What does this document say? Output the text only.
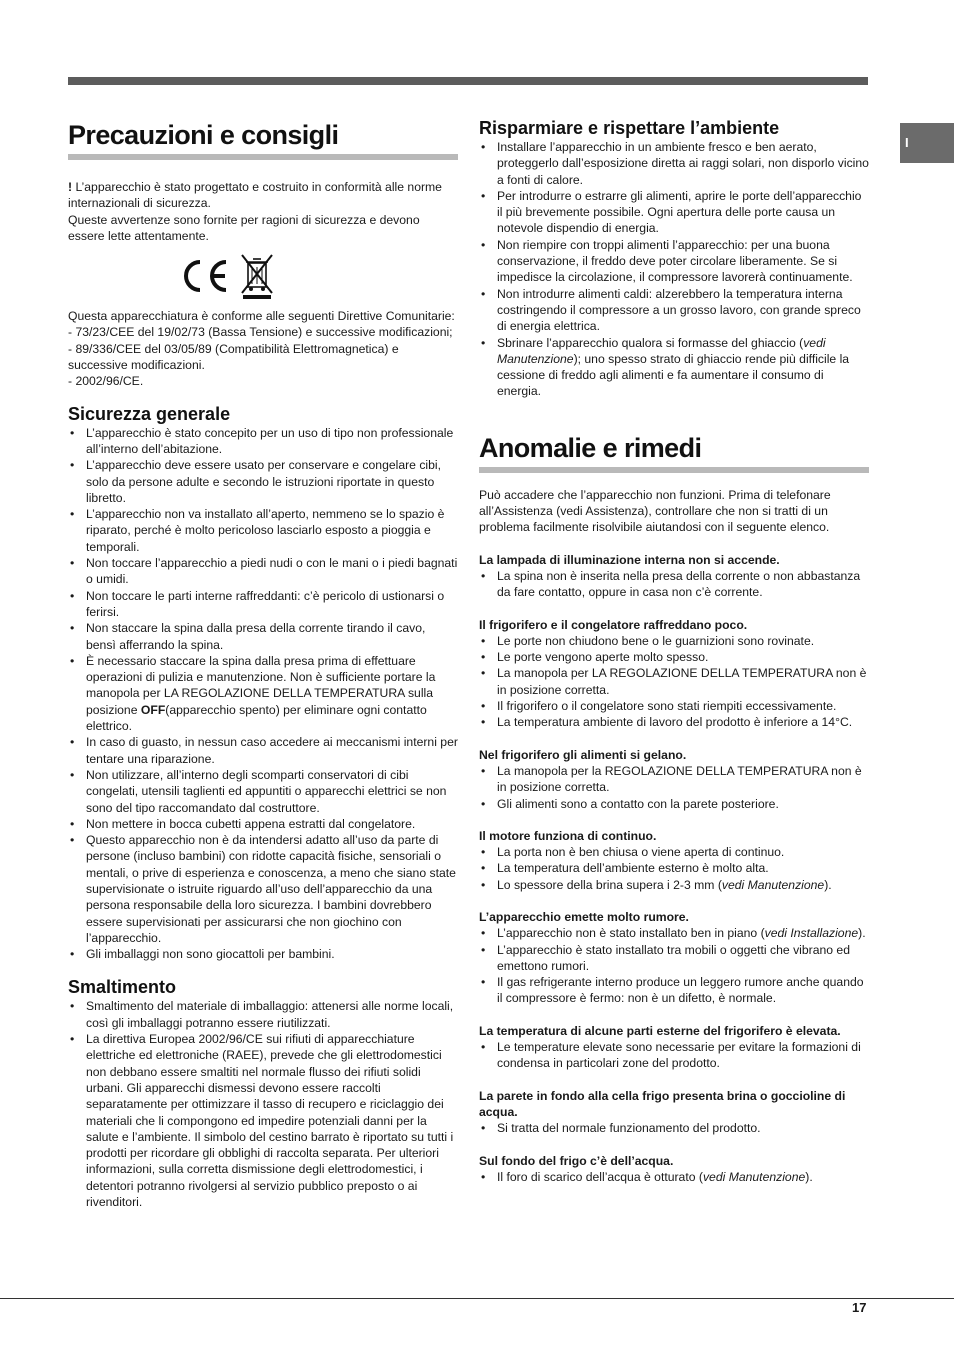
I
Precauzioni e consigli

! L’apparecchio è stato progettato e costruito in conformità alle norme internazionali di sicurezza.

Queste avvertenze sono fornite per ragioni di sicurezza e devono essere lette attentamente.

Questa apparecchiatura è conforme alle seguenti Direttive Comunitarie:

- 73/23/CEE del 19/02/73 (Bassa Tensione) e successive modificazioni;

- 89/336/CEE del 03/05/89 (Compatibilità Elettromagnetica) e successive modificazioni.

- 2002/96/CE.

Sicurezza generale
• L’apparecchio è stato concepito per un uso di tipo non professionale all’interno dell’abitazione.
• L’apparecchio deve essere usato per conservare e congelare cibi, solo da persone adulte e secondo le istruzioni riportate in questo libretto.
• L’apparecchio non va installato all’aperto, nemmeno se lo spazio è riparato, perché è molto pericoloso lasciarlo esposto a pioggia e temporali.
• Non toccare l’apparecchio a piedi nudi o con le mani o i piedi bagnati o umidi.
• Non toccare le parti interne raffreddanti: c’è pericolo di ustionarsi o ferirsi.
• Non staccare la spina dalla presa della corrente tirando il cavo, bensì afferrando la spina.
• È necessario staccare la spina dalla presa prima di effettuare operazioni di pulizia e manutenzione. Non è sufficiente portare la manopola per LA REGOLAZIONE DELLA TEMPERATURA sulla posizione OFF(apparecchio spento) per eliminare ogni contatto elettrico.
• In caso di guasto, in nessun caso accedere ai meccanismi interni per tentare una riparazione.
• Non utilizzare, all’interno degli scomparti conservatori di cibi congelati, utensili taglienti ed appuntiti o apparecchi elettrici se non sono del tipo raccomandato dal costruttore.
• Non mettere in bocca cubetti appena estratti dal congelatore.
• Questo apparecchio non è da intendersi adatto all’uso da parte di persone (incluso bambini) con ridotte capacità fisiche, sensoriali o mentali, o prive di esperienza e conoscenza, a meno che siano state supervisionate o istruite riguardo all’uso dell’apparecchio da una persona responsabile della loro sicurezza. I bambini dovrebbero essere supervisionati per assicurarsi che non giochino con l’apparecchio.
• Gli imballaggi non sono giocattoli per bambini.
Smaltimento
• Smaltimento del materiale di imballaggio: attenersi alle norme locali, così gli imballaggi potranno essere riutilizzati.
• La direttiva Europea 2002/96/CE sui rifiuti di apparecchiature elettriche ed elettroniche (RAEE), prevede che gli elettrodomestici non debbano essere smaltiti nel normale flusso dei rifiuti solidi urbani. Gli apparecchi dismessi devono essere raccolti separatamente per ottimizzare il tasso di recupero e riciclaggio dei materiali che li compongono ed impedire potenziali danni per la salute e l’ambiente. Il simbolo del cestino barrato è riportato su tutti i prodotti per ricordare gli obblighi di raccolta separata. Per ulteriori informazioni, sulla corretta dismissione degli elettrodomestici, i detentori potranno rivolgersi al servizio pubblico preposto o ai rivenditori.
Risparmiare e rispettare l’ambiente
• Installare l’apparecchio in un ambiente fresco e ben aerato, proteggerlo dall’esposizione diretta ai raggi solari, non disporlo vicino a fonti di calore.
• Per introdurre o estrarre gli alimenti, aprire le porte dell’apparecchio il più brevemente possibile. Ogni apertura delle porte causa un notevole dispendio di energia.
• Non riempire con troppi alimenti l’apparecchio: per una buona conservazione, il freddo deve poter circolare liberamente. Se si impedisce la circolazione, il compressore lavorerà continuamente.
• Non introdurre alimenti caldi: alzerebbero la temperatura interna costringendo il compressore a un grosso lavoro, con grande spreco di energia elettrica.
• Sbrinare l’apparecchio qualora si formasse del ghiaccio (vedi Manutenzione); uno spesso strato di ghiaccio rende più difficile la cessione di freddo agli alimenti e fa aumentare il consumo di energia.
Anomalie e rimedi

Può accadere che l’apparecchio non funzioni. Prima di telefonare all’Assistenza (vedi Assistenza), controllare che non si tratti di un problema facilmente risolvibile aiutandosi con il seguente elenco.

La lampada di illuminazione interna non si accende.

• La spina non è inserita nella presa della corrente o non abbastanza da fare contatto, oppure in casa non c’è corrente.

Il frigorifero e il congelatore raffreddano poco.

• Le porte non chiudono bene o le guarnizioni sono rovinate.
• Le porte vengono aperte molto spesso.
• La manopola per LA REGOLAZIONE DELLA TEMPERATURA non è in posizione corretta.
• Il frigorifero o il congelatore sono stati riempiti eccessivamente.
• La temperatura ambiente di lavoro del prodotto è inferiore a 14°C.

Nel frigorifero gli alimenti si gelano.

• La manopola per la REGOLAZIONE DELLA TEMPERATURA non è in posizione corretta.
• Gli alimenti sono a contatto con la parete posteriore.

Il motore funziona di continuo.

• La porta non è ben chiusa o viene aperta di continuo.
• La temperatura dell’ambiente esterno è molto alta.
• Lo spessore della brina supera i 2-3 mm (vedi Manutenzione).

L’apparecchio emette molto rumore.

• L’apparecchio non è stato installato ben in piano (vedi Installazione).
• L’apparecchio è stato installato tra mobili o oggetti che vibrano ed emettono rumori.
• Il gas refrigerante interno produce un leggero rumore anche quando il compressore è fermo: non è un difetto, è normale.

La temperatura di alcune parti esterne del frigorifero è elevata.

• Le temperature elevate sono necessarie per evitare la formazioni di condensa in particolari zone del prodotto.

La parete in fondo alla cella frigo presenta brina o goccioline di acqua.

• Si tratta del normale funzionamento del prodotto.

Sul fondo del frigo c’è dell’acqua.

• Il foro di scarico dell’acqua è otturato (vedi Manutenzione).
17
